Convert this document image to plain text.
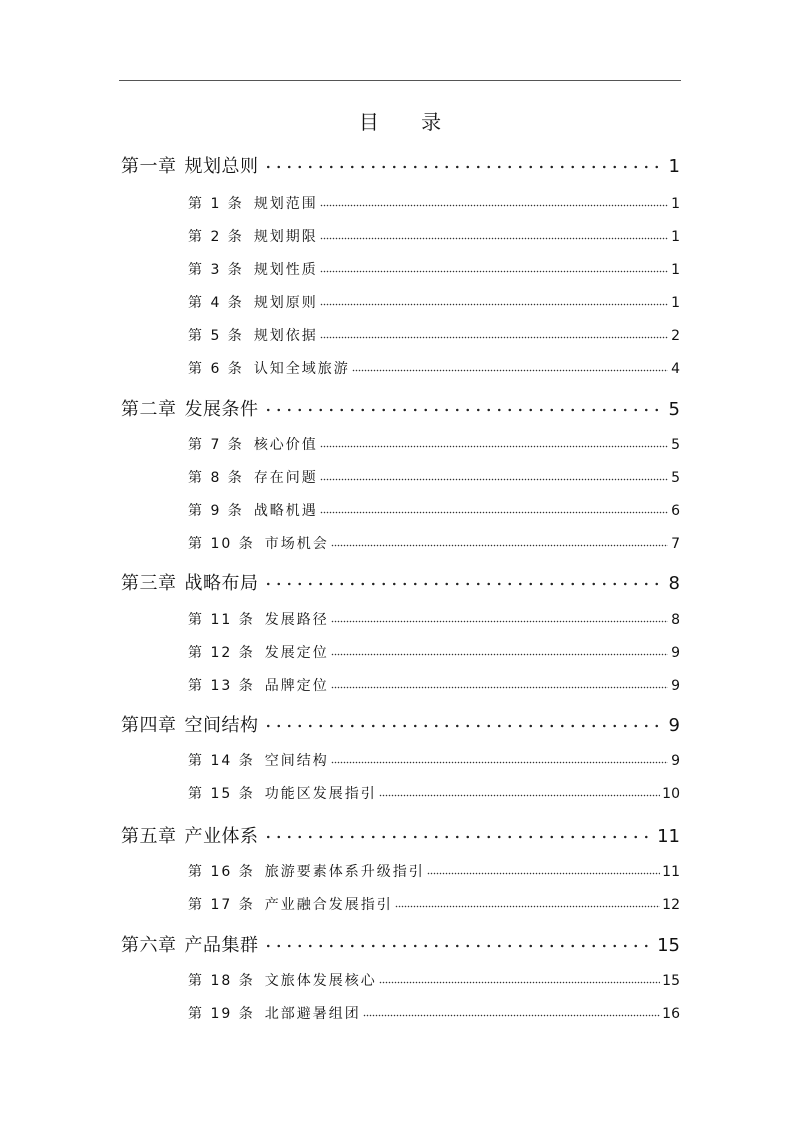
目 录
第一章 规划总则	1
第 1 条 规划范围	1
第 2 条 规划期限	1
第 3 条 规划性质	1
第 4 条 规划原则	1
第 5 条 规划依据	2
第 6 条 认知全域旅游	4
第二章 发展条件	5
第 7 条 核心价值	5
第 8 条 存在问题	5
第 9 条 战略机遇	6
第 10 条 市场机会	7
第三章 战略布局	8
第 11 条 发展路径	8
第 12 条 发展定位	9
第 13 条 品牌定位	9
第四章 空间结构	9
第 14 条 空间结构	9
第 15 条 功能区发展指引	10
第五章 产业体系	11
第 16 条 旅游要素体系升级指引	11
第 17 条 产业融合发展指引	12
第六章 产品集群	15
第 18 条 文旅体发展核心	15
第 19 条 北部避暑组团	16
